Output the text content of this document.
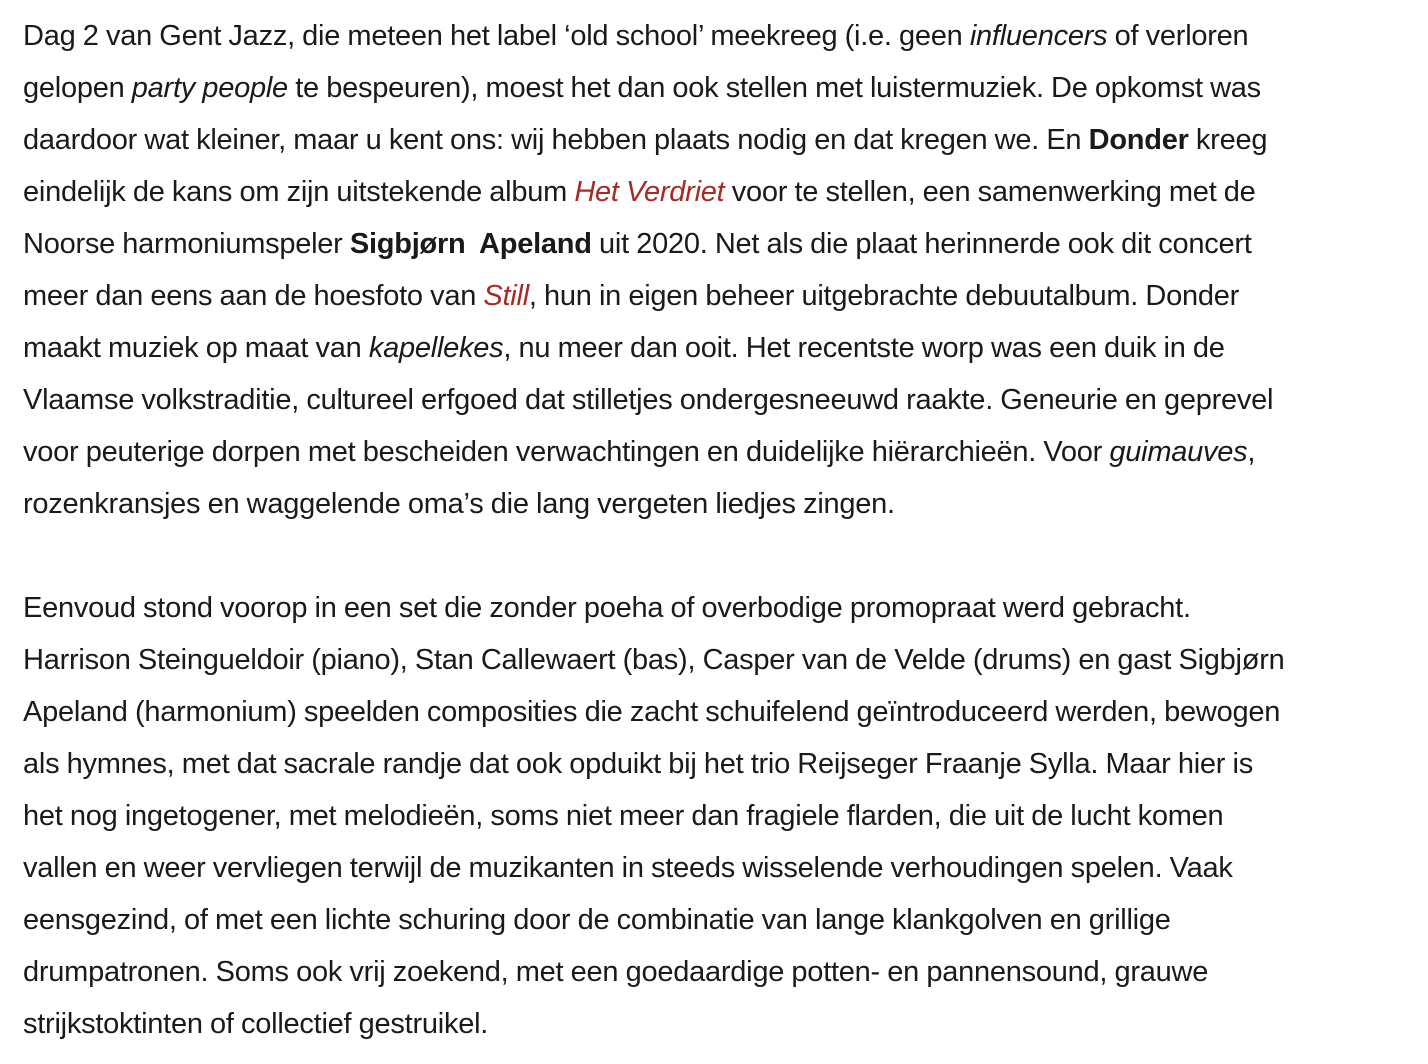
Dag 2 van Gent Jazz, die meteen het label ‘old school’ meekreeg (i.e. geen influencers of verloren
gelopen party people te bespeuren), moest het dan ook stellen met luistermuziek. De opkomst was
daardoor wat kleiner, maar u kent ons: wij hebben plaats nodig en dat kregen we. En Donder kreeg
eindelijk de kans om zijn uitstekende album Het Verdriet voor te stellen, een samenwerking met de
Noorse harmoniumspeler Sigbjørn  Apeland uit 2020. Net als die plaat herinnerde ook dit concert
meer dan eens aan de hoesfoto van Still, hun in eigen beheer uitgebrachte debuutalbum. Donder
maakt muziek op maat van kapellekes, nu meer dan ooit. Het recentste worp was een duik in de
Vlaamse volkstraditie, cultureel erfgoed dat stilletjes ondergesneeuwd raakte. Geneurie en geprevel
voor peuterige dorpen met bescheiden verwachtingen en duidelijke hiërarchieën. Voor guimauves,
rozenkransjes en waggelende oma’s die lang vergeten liedjes zingen.
Eenvoud stond voorop in een set die zonder poeha of overbodige promopraat werd gebracht.
Harrison Steingueldoir (piano), Stan Callewaert (bas), Casper van de Velde (drums) en gast Sigbjørn
Apeland (harmonium) speelden composities die zacht schuifelend geïntroduceerd werden, bewogen
als hymnes, met dat sacrale randje dat ook opduikt bij het trio Reijseger Fraanje Sylla. Maar hier is
het nog ingetogener, met melodieën, soms niet meer dan fragiele flarden, die uit de lucht komen
vallen en weer vervliegen terwijl de muzikanten in steeds wisselende verhoudingen spelen. Vaak
eensgezind, of met een lichte schuring door de combinatie van lange klankgolven en grillige
drumpatronen. Soms ook vrij zoekend, met een goedaardige potten- en pannensound, grauwe
strijkstoktinten of collectief gestruikel.
